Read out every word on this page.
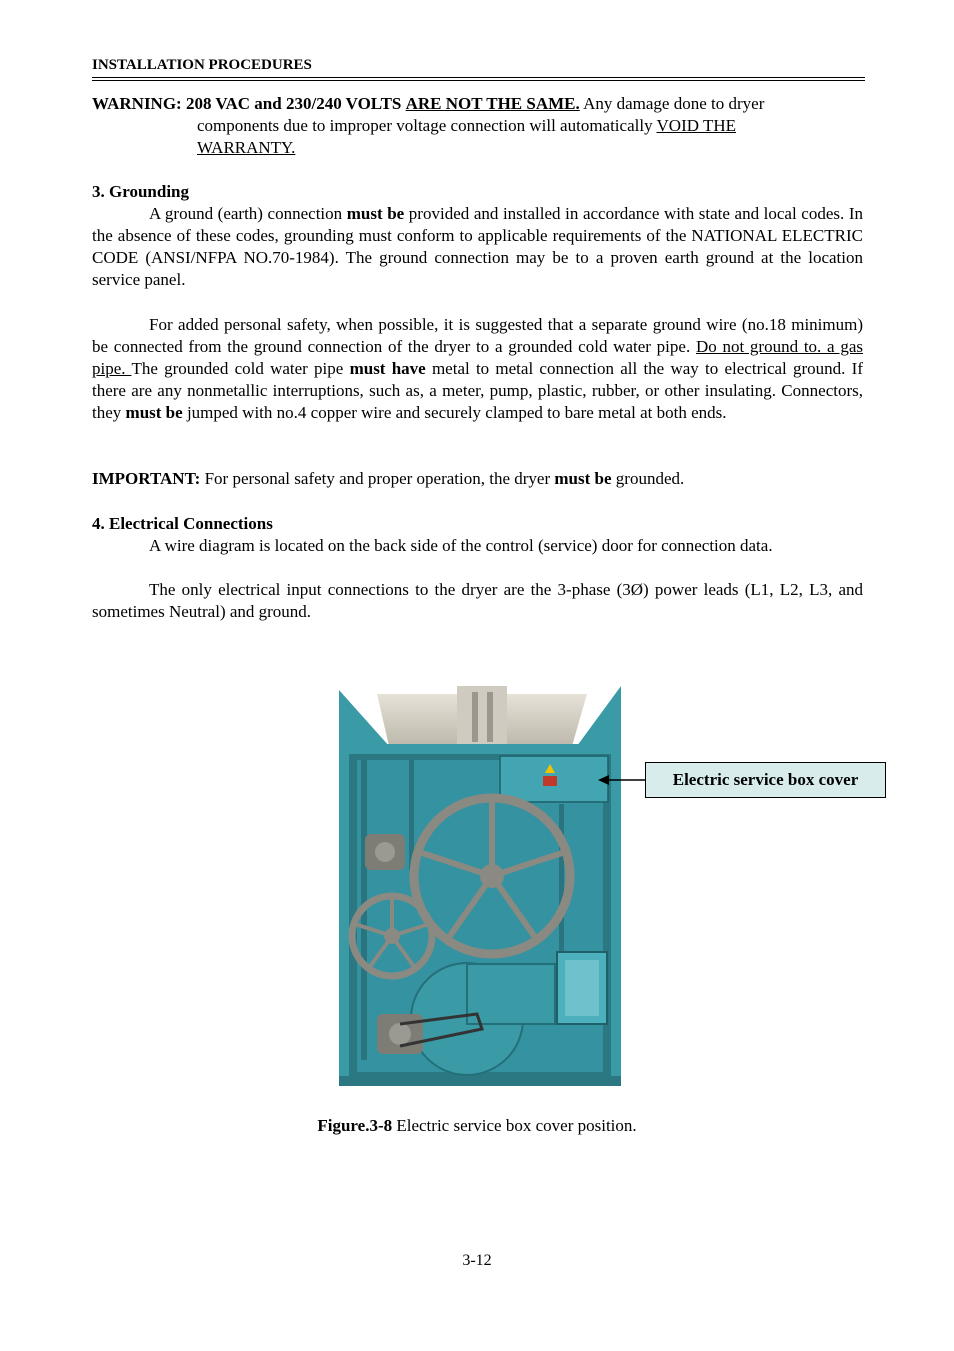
INSTALLATION PROCEDURES
WARNING: 208 VAC and 230/240 VOLTS ARE NOT THE SAME. Any damage done to dryer
components due to improper voltage connection will automatically VOID THE
WARRANTY.

3. Grounding

A ground (earth) connection must be provided and installed in accordance with state and local codes. In the absence of these codes, grounding must conform to applicable requirements of the NATIONAL ELECTRIC CODE (ANSI/NFPA NO.70-1984). The ground connection may be to a proven earth ground at the location service panel.

For added personal safety, when possible, it is suggested that a separate ground wire (no.18 minimum) be connected from the ground connection of the dryer to a grounded cold water pipe. Do not ground to. a gas pipe. The grounded cold water pipe must have metal to metal connection all the way to electrical ground. If there are any nonmetallic interruptions, such as, a meter, pump, plastic, rubber, or other insulating. Connectors, they must be jumped with no.4 copper wire and securely clamped to bare metal at both ends.

IMPORTANT: For personal safety and proper operation, the dryer must be grounded.

4. Electrical Connections

A wire diagram is located on the back side of the control (service) door for connection data.

The only electrical input connections to the dryer are the 3-phase (3Ø) power leads (L1, L2, L3, and sometimes Neutral) and ground.

Electric service box cover
Figure.3-8 Electric service box cover position.
3-12
